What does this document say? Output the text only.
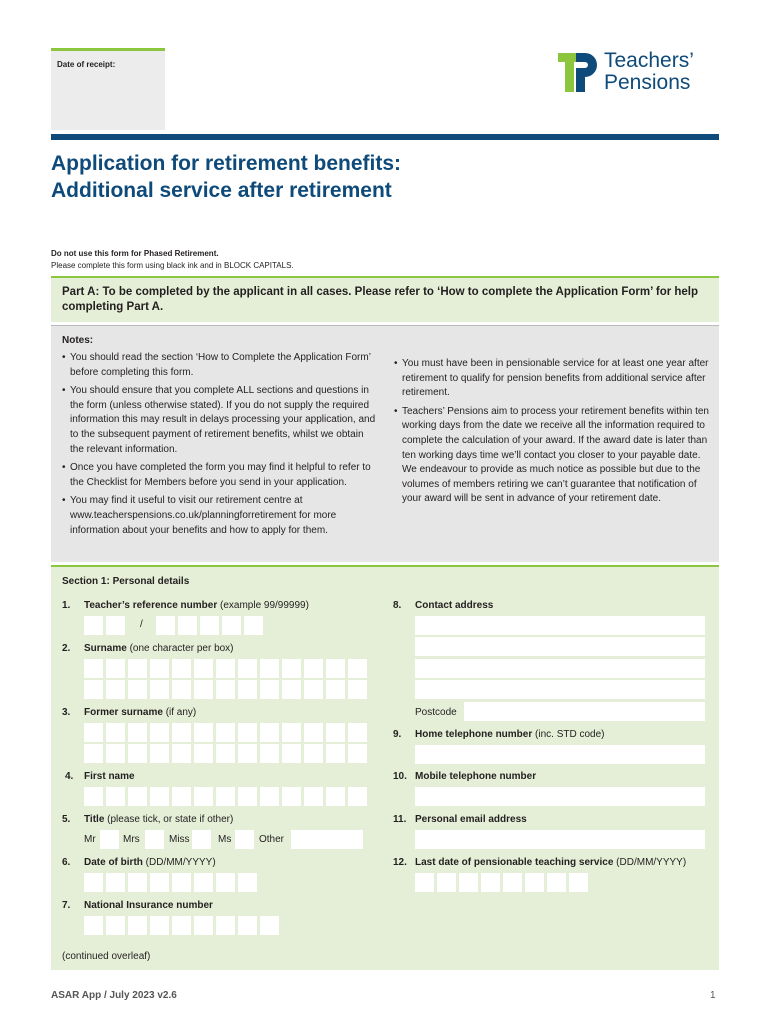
Date of receipt:	Teachers’
Pensions
Application for retirement benefits:
Additional service after retirement
Do not use this form for Phased Retirement.
Please complete this form using black ink and in BLOCK CAPITALS.
Part A: To be completed by the applicant in all cases. Please refer to ‘How to complete the Application Form’ for help completing Part A.
Notes:
• You should read the section ‘How to Complete the Application Form’ before completing this form.
• You should ensure that you complete ALL sections and questions in the form (unless otherwise stated). If you do not supply the required information this may result in delays processing your application, and to the subsequent payment of retirement benefits, whilst we obtain the relevant information.
• Once you have completed the form you may find it helpful to refer to the Checklist for Members before you send in your application.
• You may find it useful to visit our retirement centre at www.teacherspensions.co.uk/planningforretirement for more information about your benefits and how to apply for them.
• You must have been in pensionable service for at least one year after retirement to qualify for pension benefits from additional service after retirement.
• Teachers’ Pensions aim to process your retirement benefits within ten working days from the date we receive all the information required to complete the calculation of your award. If the award date is later than ten working days time we’ll contact you closer to your payable date. We endeavour to provide as much notice as possible but due to the volumes of members retiring we can’t guarantee that notification of your award will be sent in advance of your retirement date.
Section 1: Personal details
1. Teacher’s reference number (example 99/99999)
/
2. Surname (one character per box)
3. Former surname (if any)
4. First name
5. Title (please tick, or state if other)
Mr	Mrs	Miss	Ms	Other
6. Date of birth (DD/MM/YYYY)
7. National Insurance number
8. Contact address
Postcode
9. Home telephone number (inc. STD code)
10. Mobile telephone number
11. Personal email address
12. Last date of pensionable teaching service (DD/MM/YYYY)
(continued overleaf)
ASAR App / July 2023 v2.6	1
